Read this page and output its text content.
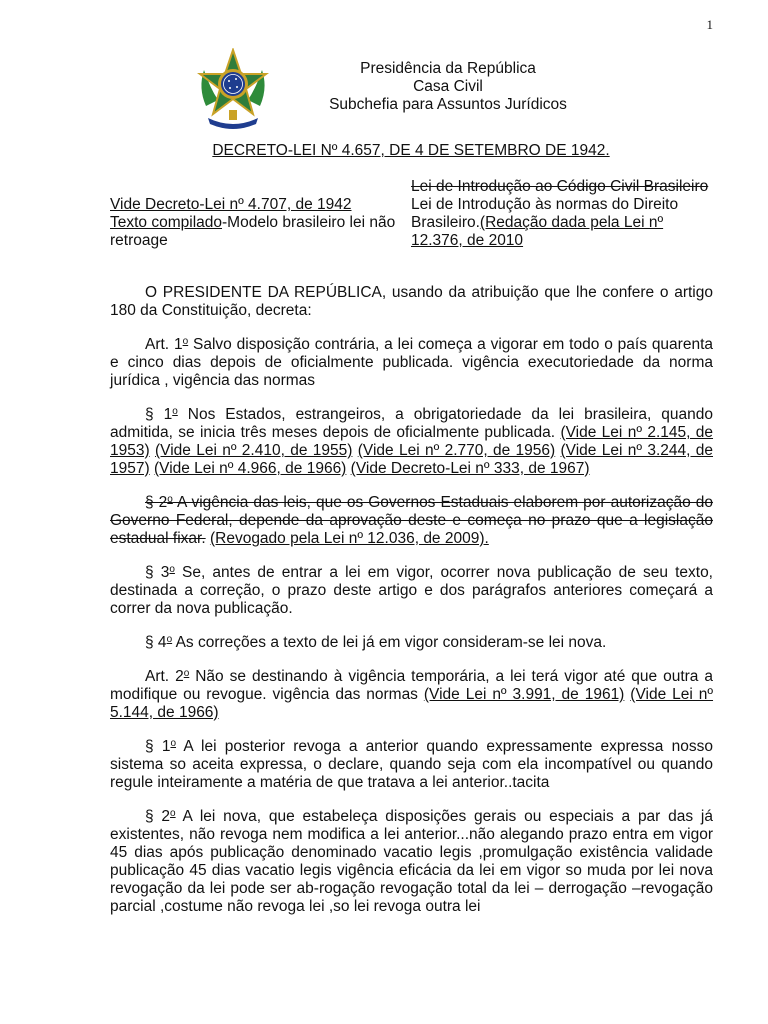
1
Presidência da República
Casa Civil
Subchefia para Assuntos Jurídicos
DECRETO-LEI Nº 4.657, DE 4 DE SETEMBRO DE 1942.
Vide Decreto-Lei nº 4.707, de 1942
Texto compilado-Modelo brasileiro lei não retroage
Lei de Introdução ao Código Civil Brasileiro
Lei de Introdução às normas do Direito Brasileiro.(Redação dada pela Lei nº 12.376, de 2010

O PRESIDENTE DA REPÚBLICA, usando da atribuição que lhe confere o artigo 180 da Constituição, decreta:

Art. 1$^o$ Salvo disposição contrária, a lei começa a vigorar em todo o país quarenta e cinco dias depois de oficialmente publicada. vigência executoriedade da norma jurídica , vigência das normas

§ 1$^o$ Nos Estados, estrangeiros, a obrigatoriedade da lei brasileira, quando admitida, se inicia três meses depois de oficialmente publicada. (Vide Lei nº 2.145, de 1953) (Vide Lei nº 2.410, de 1955) (Vide Lei nº 2.770, de 1956) (Vide Lei nº 3.244, de 1957) (Vide Lei nº 4.966, de 1966) (Vide Decreto-Lei nº 333, de 1967)

§ 2$^o$ A vigência das leis, que os Governos Estaduais elaborem por autorização do Governo Federal, depende da aprovação deste e começa no prazo que a legislação estadual fixar. (Revogado pela Lei nº 12.036, de 2009).

§ 3$^o$ Se, antes de entrar a lei em vigor, ocorrer nova publicação de seu texto, destinada a correção, o prazo deste artigo e dos parágrafos anteriores começará a correr da nova publicação.

§ 4$^o$ As correções a texto de lei já em vigor consideram-se lei nova.

Art. 2$^o$ Não se destinando à vigência temporária, a lei terá vigor até que outra a modifique ou revogue. vigência das normas (Vide Lei nº 3.991, de 1961) (Vide Lei nº 5.144, de 1966)

§ 1$^o$ A lei posterior revoga a anterior quando expressamente expressa nosso sistema so aceita expressa, o declare, quando seja com ela incompatível ou quando regule inteiramente a matéria de que tratava a lei anterior..tacita

§ 2$^o$ A lei nova, que estabeleça disposições gerais ou especiais a par das já existentes, não revoga nem modifica a lei anterior...não alegando prazo entra em vigor 45 dias após publicação denominado vacatio legis ,promulgação existência validade publicação 45 dias vacatio legis vigência eficácia da lei em vigor so muda por lei nova revogação da lei pode ser ab-rogação revogação total da lei – derrogação –revogação parcial ,costume não revoga lei ,so lei revoga outra lei
